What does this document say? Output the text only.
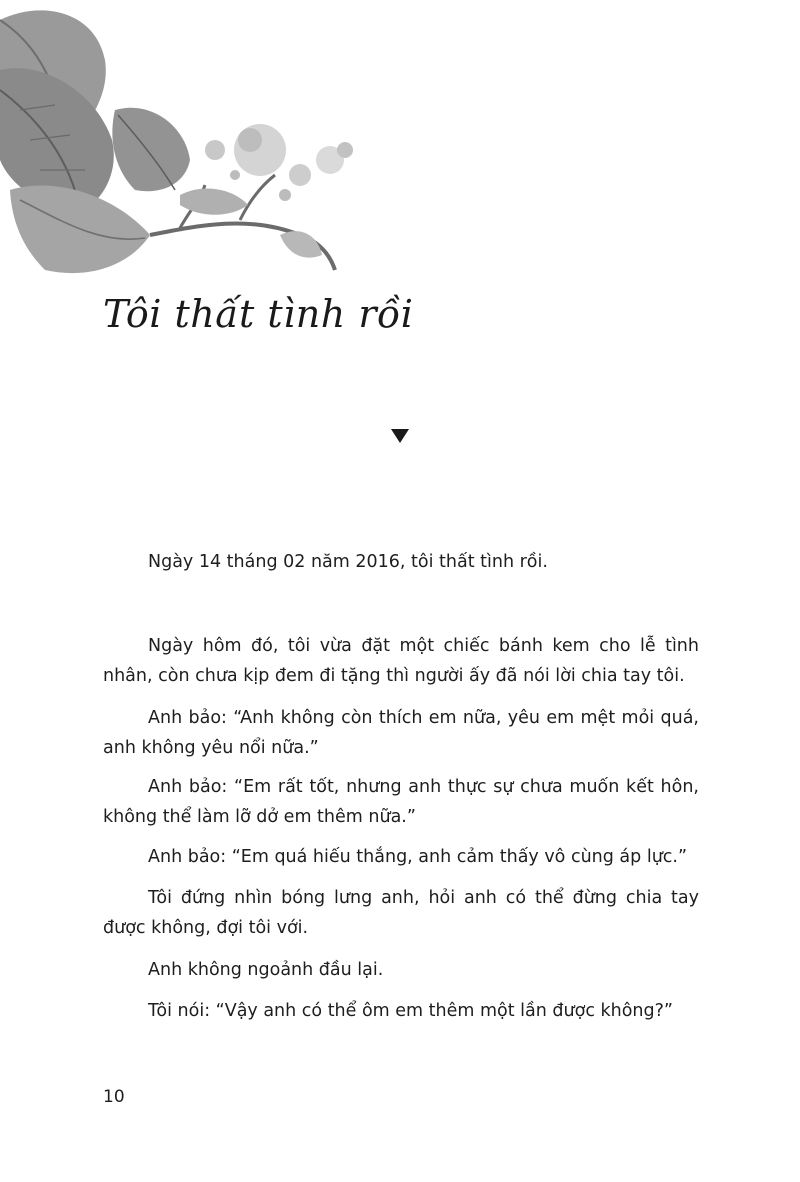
Tôi thất tình rồi

Ngày 14 tháng 02 năm 2016, tôi thất tình rồi.

Ngày hôm đó, tôi vừa đặt một chiếc bánh kem cho lễ tình nhân, còn chưa kịp đem đi tặng thì người ấy đã nói lời chia tay tôi.

Anh bảo: “Anh không còn thích em nữa, yêu em mệt mỏi quá, anh không yêu nổi nữa.”

Anh bảo: “Em rất tốt, nhưng anh thực sự chưa muốn kết hôn, không thể làm lỡ dở em thêm nữa.”

Anh bảo: “Em quá hiếu thắng, anh cảm thấy vô cùng áp lực.”

Tôi đứng nhìn bóng lưng anh, hỏi anh có thể đừng chia tay được không, đợi tôi với.

Anh không ngoảnh đầu lại.

Tôi nói: “Vậy anh có thể ôm em thêm một lần được không?”

10
